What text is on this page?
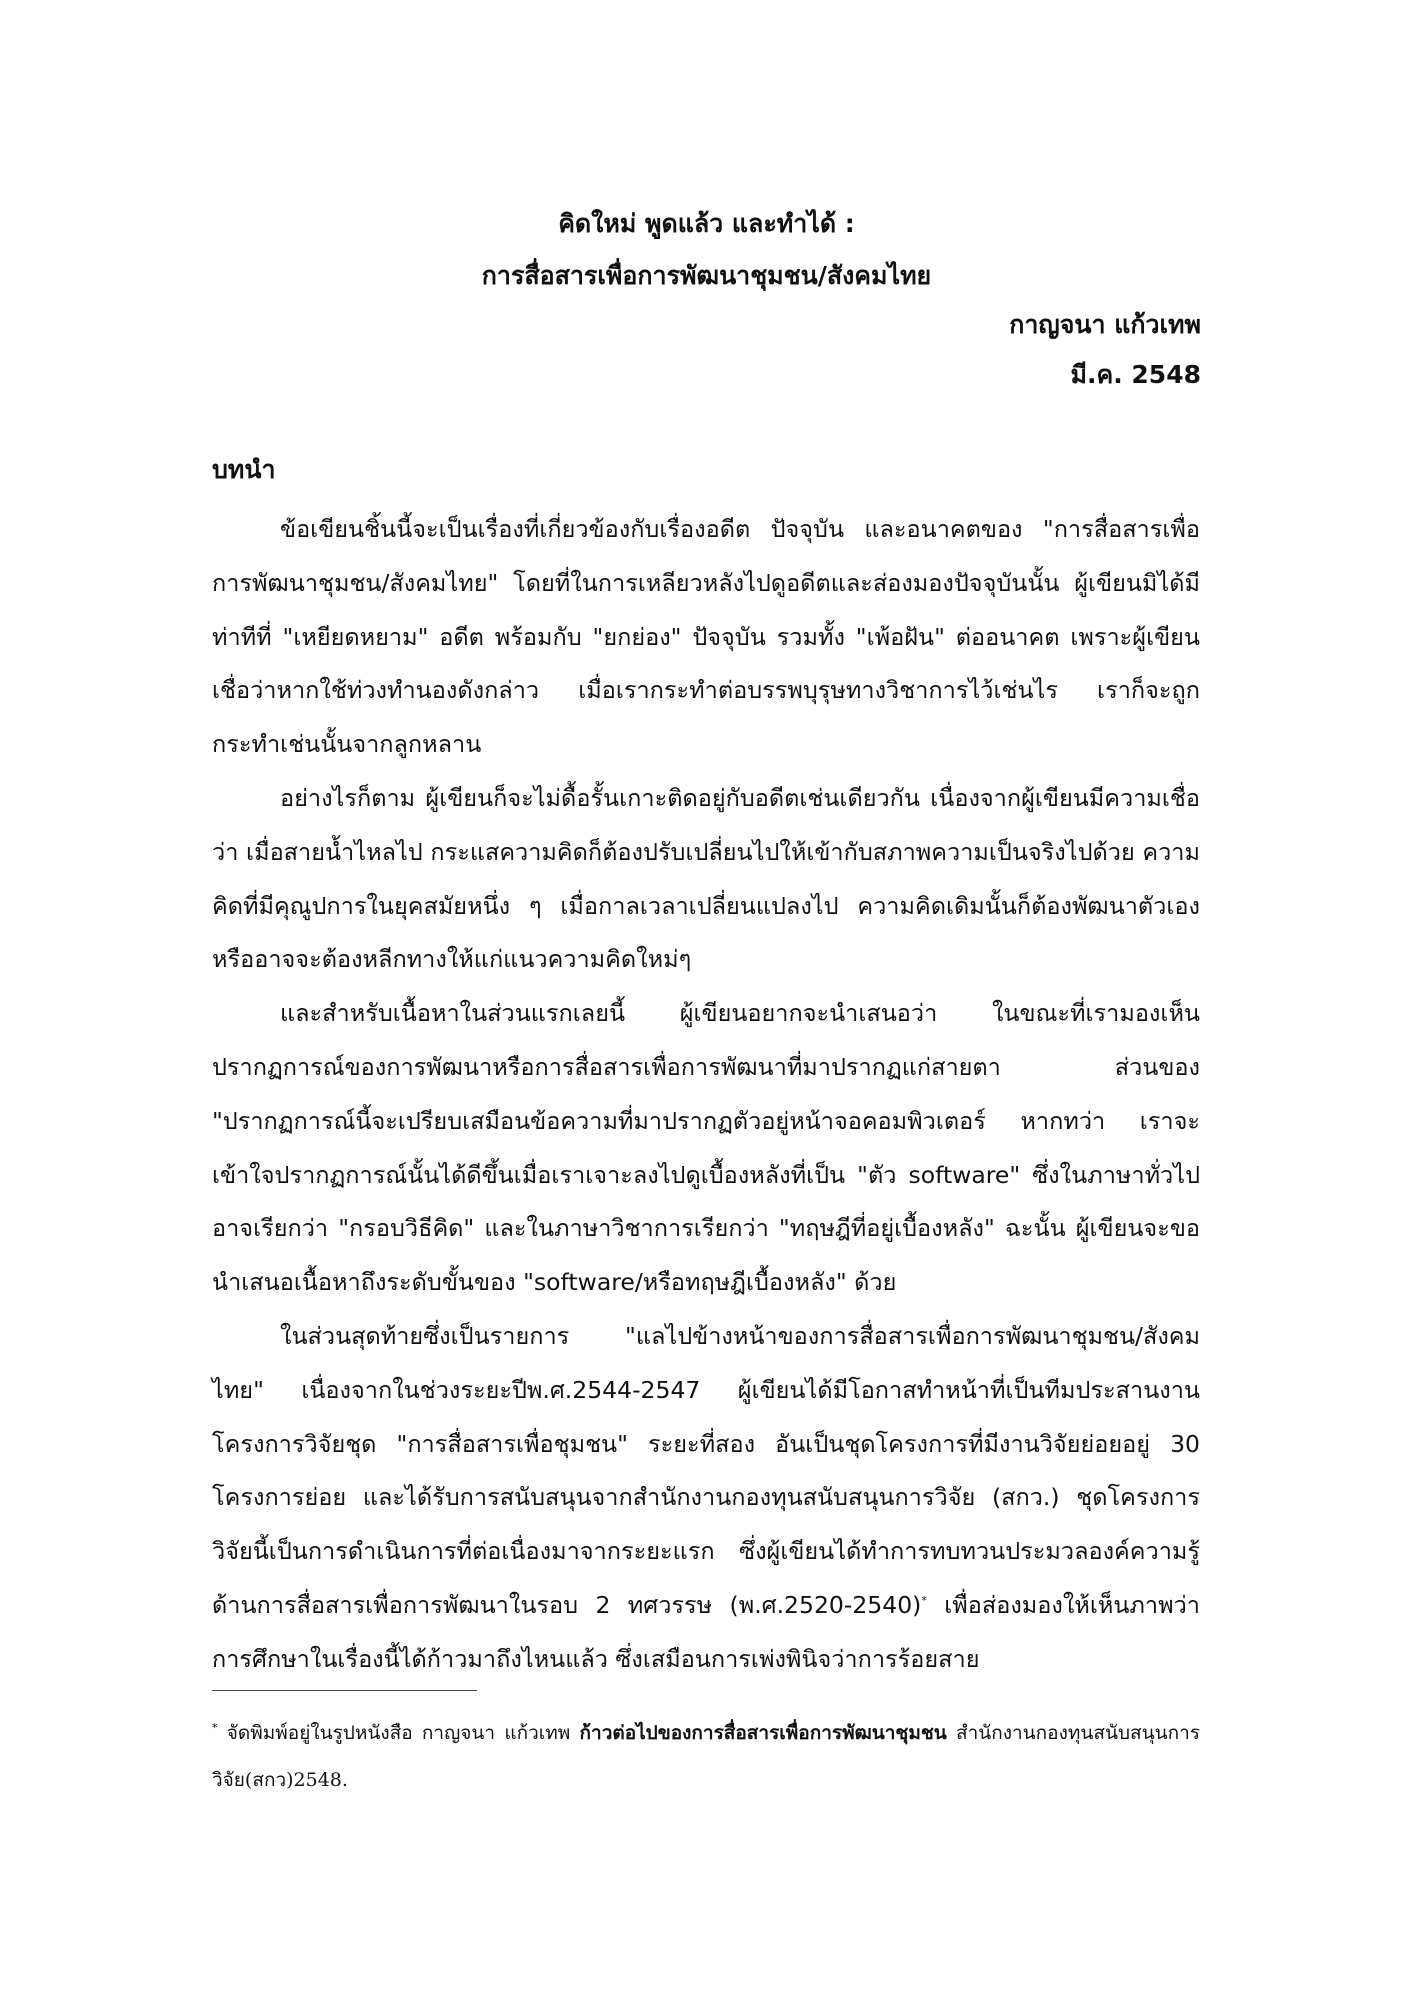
คิดใหม่ พูดแล้ว และทำได้ :
การสื่อสารเพื่อการพัฒนาชุมชน/สังคมไทย
กาญจนา แก้วเทพ
มี.ค. 2548
บทนำ

ข้อเขียนชิ้นนี้จะเป็นเรื่องที่เกี่ยวข้องกับเรื่องอดีต ปัจจุบัน และอนาคตของ "การสื่อสารเพื่อการพัฒนาชุมชน/สังคมไทย" โดยที่ในการเหลียวหลังไปดูอดีตและส่องมองปัจจุบันนั้น ผู้เขียนมิได้มีท่าทีที่ "เหยียดหยาม" อดีต พร้อมกับ "ยกย่อง" ปัจจุบัน รวมทั้ง "เพ้อฝัน" ต่ออนาคต เพราะผู้เขียนเชื่อว่าหากใช้ท่วงทำนองดังกล่าว เมื่อเรากระทำต่อบรรพบุรุษทางวิชาการไว้เช่นไร เราก็จะถูกกระทำเช่นนั้นจากลูกหลาน

อย่างไรก็ตาม ผู้เขียนก็จะไม่ดื้อรั้นเกาะติดอยู่กับอดีตเช่นเดียวกัน เนื่องจากผู้เขียนมีความเชื่อว่า เมื่อสายน้ำไหลไป กระแสความคิดก็ต้องปรับเปลี่ยนไปให้เข้ากับสภาพความเป็นจริงไปด้วย ความคิดที่มีคุณูปการในยุคสมัยหนึ่ง ๆ เมื่อกาลเวลาเปลี่ยนแปลงไป ความคิดเดิมนั้นก็ต้องพัฒนาตัวเองหรืออาจจะต้องหลีกทางให้แก่แนวความคิดใหม่ๆ

และสำหรับเนื้อหาในส่วนแรกเลยนี้ ผู้เขียนอยากจะนำเสนอว่า ในขณะที่เรามองเห็นปรากฏการณ์ของการพัฒนาหรือการสื่อสารเพื่อการพัฒนาที่มาปรากฏแก่สายตา ส่วนของ "ปรากฏการณ์นี้จะเปรียบเสมือนข้อความที่มาปรากฏตัวอยู่หน้าจอคอมพิวเตอร์ หากทว่า เราจะเข้าใจปรากฏการณ์นั้นได้ดีขึ้นเมื่อเราเจาะลงไปดูเบื้องหลังที่เป็น "ตัว software" ซึ่งในภาษาทั่วไปอาจเรียกว่า "กรอบวิธีคิด" และในภาษาวิชาการเรียกว่า "ทฤษฎีที่อยู่เบื้องหลัง" ฉะนั้น ผู้เขียนจะขอนำเสนอเนื้อหาถึงระดับขั้นของ "software/หรือทฤษฎีเบื้องหลัง" ด้วย

ในส่วนสุดท้ายซึ่งเป็นรายการ "แลไปข้างหน้าของการสื่อสารเพื่อการพัฒนาชุมชน/สังคมไทย" เนื่องจากในช่วงระยะปีพ.ศ.2544-2547 ผู้เขียนได้มีโอกาสทำหน้าที่เป็นทีมประสานงานโครงการวิจัยชุด "การสื่อสารเพื่อชุมชน" ระยะที่สอง อันเป็นชุดโครงการที่มีงานวิจัยย่อยอยู่ 30 โครงการย่อย และได้รับการสนับสนุนจากสำนักงานกองทุนสนับสนุนการวิจัย (สกว.) ชุดโครงการวิจัยนี้เป็นการดำเนินการที่ต่อเนื่องมาจากระยะแรก ซึ่งผู้เขียนได้ทำการทบทวนประมวลองค์ความรู้ด้านการสื่อสารเพื่อการพัฒนาในรอบ 2 ทศวรรษ (พ.ศ.2520-2540)* เพื่อส่องมองให้เห็นภาพว่า การศึกษาในเรื่องนี้ได้ก้าวมาถึงไหนแล้ว ซึ่งเสมือนการเพ่งพินิจว่าการร้อยสาย

* จัดพิมพ์อยู่ในรูปหนังสือ กาญจนา แก้วเทพ ก้าวต่อไปของการสื่อสารเพื่อการพัฒนาชุมชน สำนักงานกองทุนสนับสนุนการวิจัย(สกว)2548.
